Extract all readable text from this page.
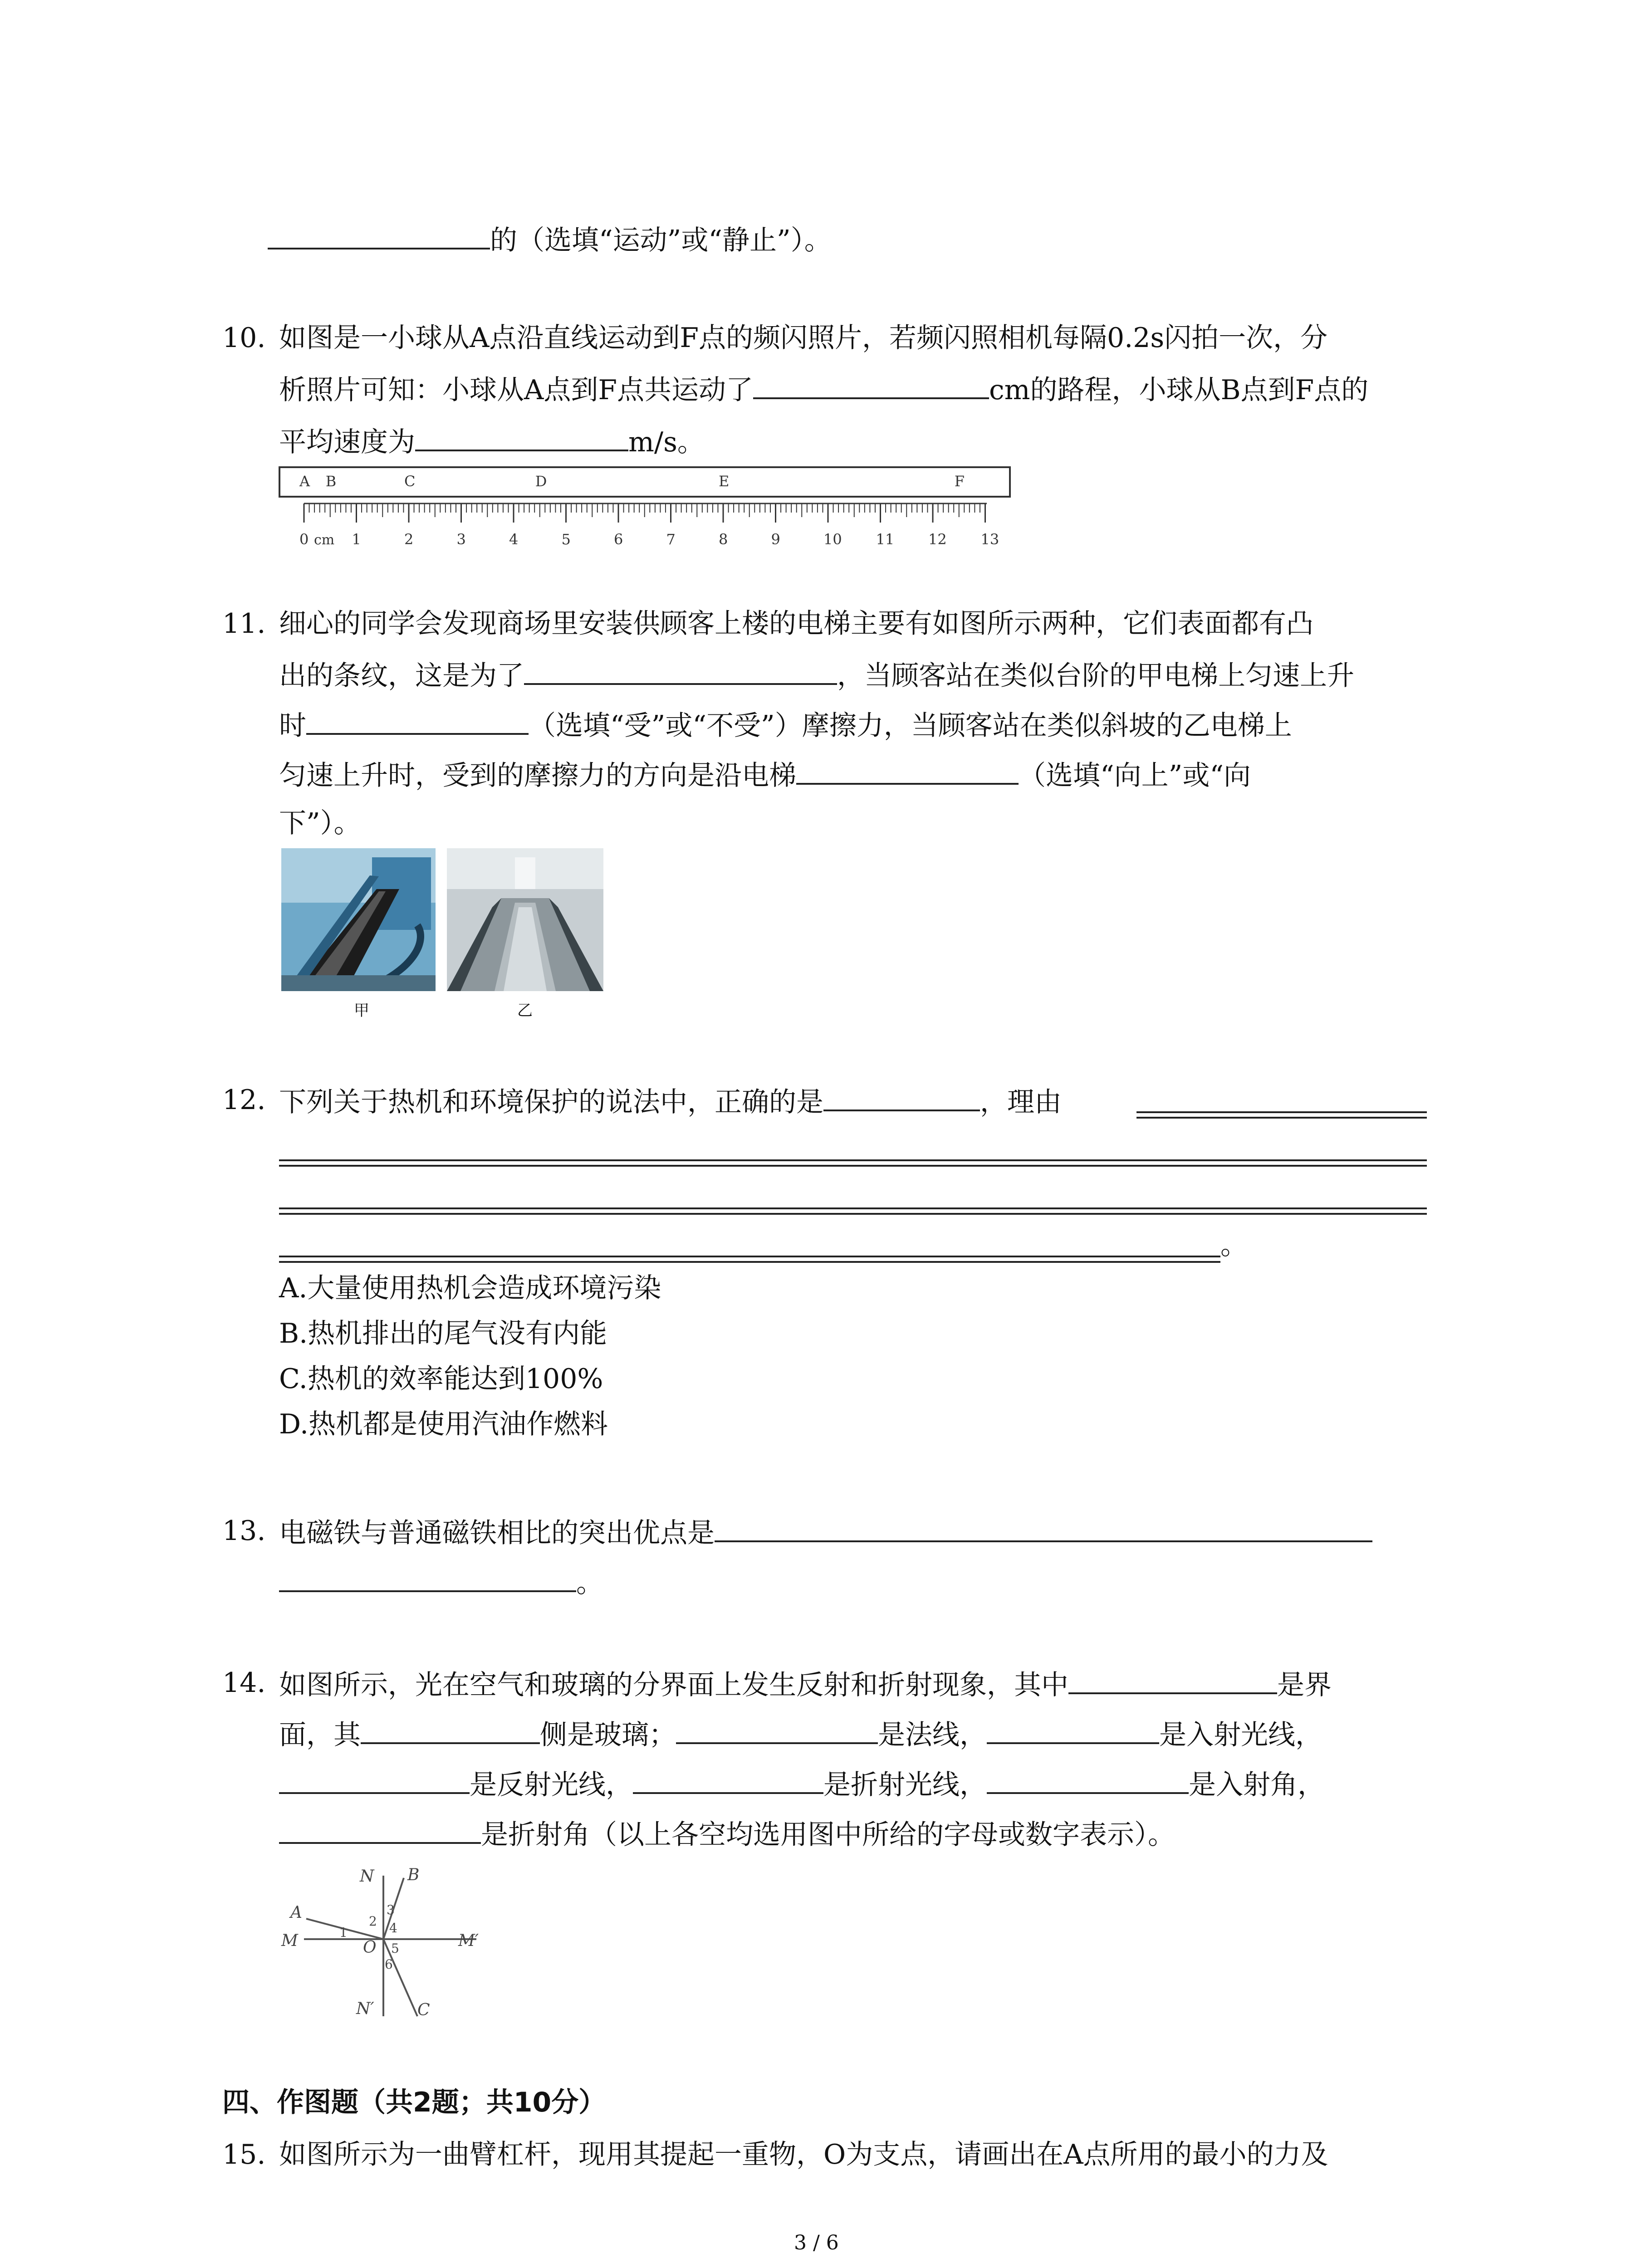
的（选填“运动”或“静止”）。
10. 如图是一小球从A点沿直线运动到F点的频闪照片，若频闪照相机每隔0.2s闪拍一次，分
析照片可知：小球从A点到F点共运动了	cm的路程，小球从B点到F点的
平均速度为	m/s。
A B	C	D	E	F
0	1	2	3	4	5	6	7	8	9	10 11 12 13
cm
11. 细心的同学会发现商场里安装供顾客上楼的电梯主要有如图所示两种，它们表面都有凸
出的条纹，这是为了	，当顾客站在类似台阶的甲电梯上匀速上升
时	（选填“受”或“不受”）摩擦力，当顾客站在类似斜坡的乙电梯上
匀速上升时，受到的摩擦力的方向是沿电梯	（选填“向上”或“向
下”）。
甲	乙
12. 下列关于热机和环境保护的说法中，正确的是	，理由
。
A.大量使用热机会造成环境污染
B.热机排出的尾气没有内能
C.热机的效率能达到100%
D.热机都是使用汽油作燃料
13. 电磁铁与普通磁铁相比的突出优点是
。
14. 如图所示，光在空气和玻璃的分界面上发生反射和折射现象，其中	是界
面，其	侧是玻璃；	是法线，	是入射光线，
是反射光线，	是折射光线，	是入射角，
是折射角（以上各空均选用图中所给的字母或数字表示）。
N B
A
M	O	M′
N′	C
1
2
3
4
5
6
四、作图题（共2题；共10分）
15. 如图所示为一曲臂杠杆，现用其提起一重物，O为支点，请画出在A点所用的最小的力及
3 / 6
